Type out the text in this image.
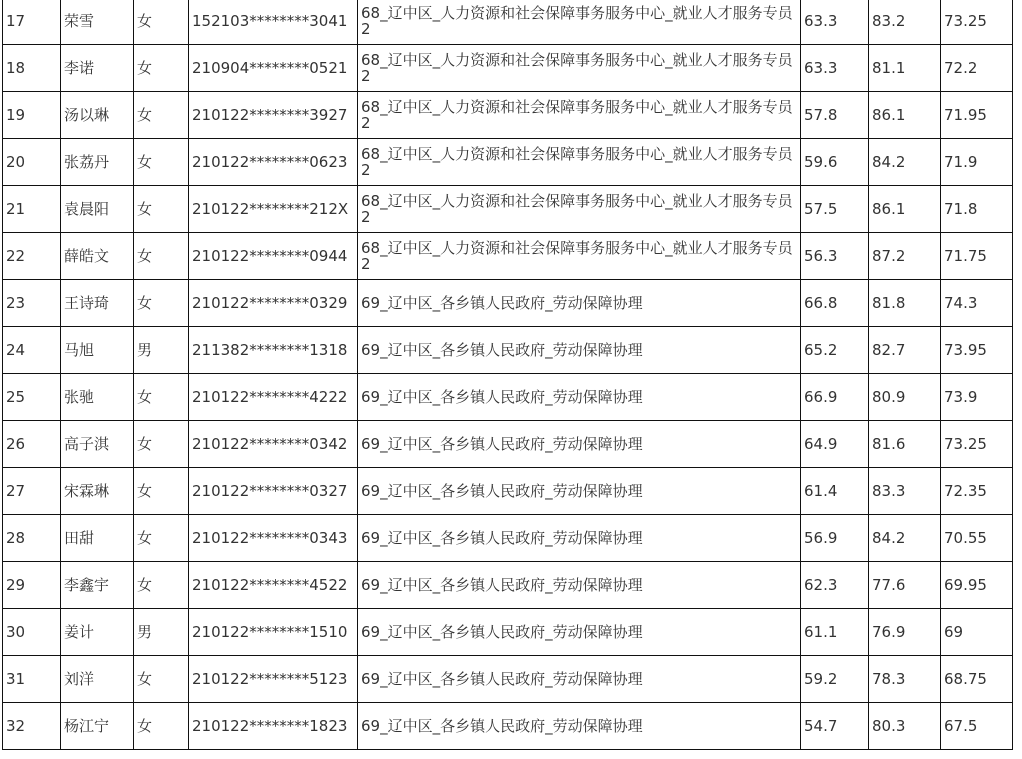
17	荣雪	女	152103********3041	68_辽中区_人力资源和社会保障事务服务中心_就业人才服务专员2	63.3	83.2	73.25
18	李诺	女	210904********0521	68_辽中区_人力资源和社会保障事务服务中心_就业人才服务专员2	63.3	81.1	72.2
19	汤以琳	女	210122********3927	68_辽中区_人力资源和社会保障事务服务中心_就业人才服务专员2	57.8	86.1	71.95
20	张荔丹	女	210122********0623	68_辽中区_人力资源和社会保障事务服务中心_就业人才服务专员2	59.6	84.2	71.9
21	袁晨阳	女	210122********212X	68_辽中区_人力资源和社会保障事务服务中心_就业人才服务专员2	57.5	86.1	71.8
22	薛皓文	女	210122********0944	68_辽中区_人力资源和社会保障事务服务中心_就业人才服务专员2	56.3	87.2	71.75
23	王诗琦	女	210122********0329	69_辽中区_各乡镇人民政府_劳动保障协理	66.8	81.8	74.3
24	马旭	男	211382********1318	69_辽中区_各乡镇人民政府_劳动保障协理	65.2	82.7	73.95
25	张驰	女	210122********4222	69_辽中区_各乡镇人民政府_劳动保障协理	66.9	80.9	73.9
26	高子淇	女	210122********0342	69_辽中区_各乡镇人民政府_劳动保障协理	64.9	81.6	73.25
27	宋霖琳	女	210122********0327	69_辽中区_各乡镇人民政府_劳动保障协理	61.4	83.3	72.35
28	田甜	女	210122********0343	69_辽中区_各乡镇人民政府_劳动保障协理	56.9	84.2	70.55
29	李鑫宇	女	210122********4522	69_辽中区_各乡镇人民政府_劳动保障协理	62.3	77.6	69.95
30	姜计	男	210122********1510	69_辽中区_各乡镇人民政府_劳动保障协理	61.1	76.9	69
31	刘洋	女	210122********5123	69_辽中区_各乡镇人民政府_劳动保障协理	59.2	78.3	68.75
32	杨江宁	女	210122********1823	69_辽中区_各乡镇人民政府_劳动保障协理	54.7	80.3	67.5
